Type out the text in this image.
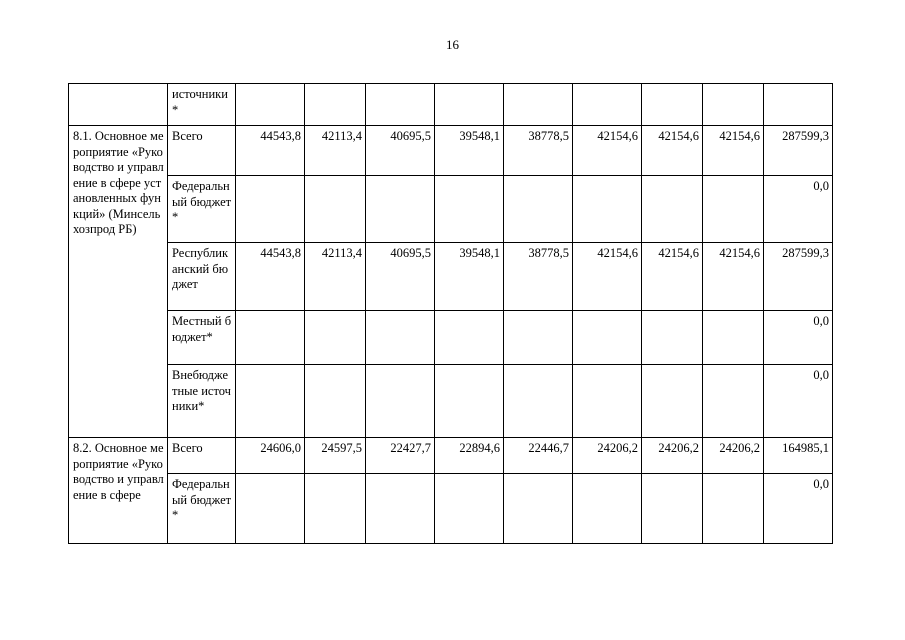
16
	источники*									
8.1. Основное мероприятие «Руководство и управление в сфере установленных функций» (Минсельхозпрод РБ)	Всего	44543,8	42113,4	40695,5	39548,1	38778,5	42154,6	42154,6	42154,6	287599,3
	Федеральный бюджет *									0,0
	Республиканский бюджет	44543,8	42113,4	40695,5	39548,1	38778,5	42154,6	42154,6	42154,6	287599,3
	Местный бюджет*									0,0
	Внебюджетные источники*									0,0
8.2. Основное мероприятие «Руководство и управление в сфере	Всего	24606,0	24597,5	22427,7	22894,6	22446,7	24206,2	24206,2	24206,2	164985,1
	Федеральный бюджет *									0,0
